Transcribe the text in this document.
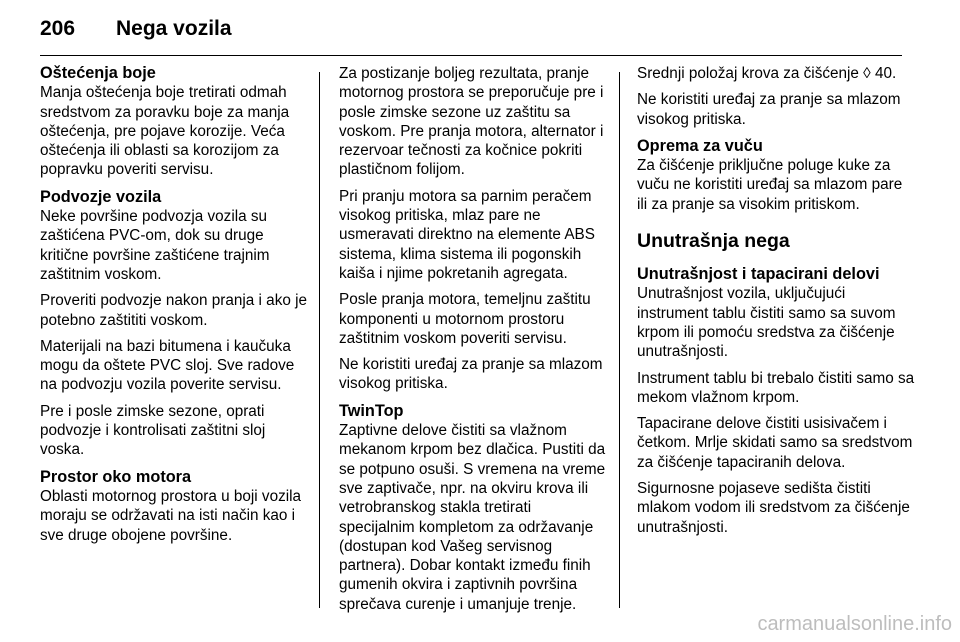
206 Nega vozila
Oštećenja boje

Manja oštećenja boje tretirati odmah sredstvom za poravku boje za manja oštećenja, pre pojave korozije. Veća oštećenja ili oblasti sa korozijom za popravku poveriti servisu.

Podvozje vozila

Neke površine podvozja vozila su zaštićena PVC-om, dok su druge kritične površine zaštićene trajnim zaštitnim voskom.

Proveriti podvozje nakon pranja i ako je potebno zaštititi voskom.

Materijali na bazi bitumena i kaučuka mogu da oštete PVC sloj. Sve radove na podvozju vozila poverite servisu.

Pre i posle zimske sezone, oprati podvozje i kontrolisati zaštitni sloj voska.

Prostor oko motora

Oblasti motornog prostora u boji vozila moraju se održavati na isti način kao i sve druge obojene površine.

Za postizanje boljeg rezultata, pranje motornog prostora se preporučuje pre i posle zimske sezone uz zaštitu sa voskom. Pre pranja motora, alternator i rezervoar tečnosti za kočnice pokriti plastičnom folijom.

Pri pranju motora sa parnim peračem visokog pritiska, mlaz pare ne usmeravati direktno na elemente ABS sistema, klima sistema ili pogonskih kaiša i njime pokretanih agregata.

Posle pranja motora, temeljnu zaštitu komponenti u motornom prostoru zaštitnim voskom poveriti servisu.

Ne koristiti uređaj za pranje sa mlazom visokog pritiska.

TwinTop

Zaptivne delove čistiti sa vlažnom mekanom krpom bez dlačica. Pustiti da se potpuno osuši. S vremena na vreme sve zaptivače, npr. na okviru krova ili vetrobranskog stakla tretirati specijalnim kompletom za održavanje (dostupan kod Vašeg servisnog partnera). Dobar kontakt između finih gumenih okvira i zaptivnih površina sprečava curenje i umanjuje trenje.

Srednji položaj krova za čišćenje ◊ 40.

Ne koristiti uređaj za pranje sa mlazom visokog pritiska.

Oprema za vuču

Za čišćenje priključne poluge kuke za vuču ne koristiti uređaj sa mlazom pare ili za pranje sa visokim pritiskom.

Unutrašnja nega
Unutrašnjost i tapacirani delovi

Unutrašnjost vozila, uključujući instrument tablu čistiti samo sa suvom krpom ili pomoću sredstva za čišćenje unutrašnjosti.

Instrument tablu bi trebalo čistiti samo sa mekom vlažnom krpom.

Tapacirane delove čistiti usisivačem i četkom. Mrlje skidati samo sa sredstvom za čišćenje tapaciranih delova.

Sigurnosne pojaseve sedišta čistiti mlakom vodom ili sredstvom za čišćenje unutrašnjosti.

carmanualsonline.info
